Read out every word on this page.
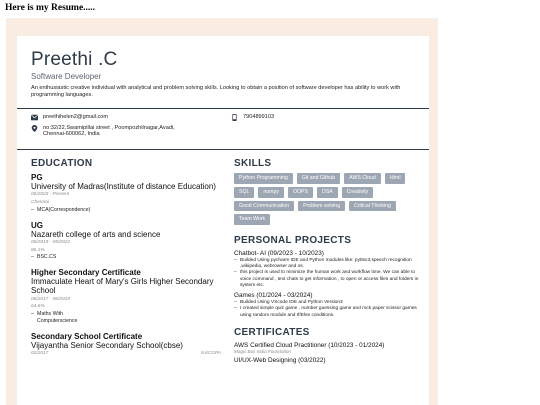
Here is my Resume.....
Preethi .C
Software Developer
An enthusiastic creative individual with analytical and problem solving skills. Looking to obtain a position of software developer has ability to work with programming languages.
preethihelen2@gmail.com	7904899103
no:32/22,Swamipillai street , Poompozhilnagar,Avadi,
Chennai-600062, India
EDUCATION
PG
University of Madras(Institute of distance Education)
06/2023 - Present
Chennai
– MCA(Correspondence)
UG
Nazareth college of arts and science
06/2019 - 05/2022
86.1%
– BSC.CS
Higher Secondary Certificate
Immaculate Heart of Mary's Girls Higher Secondary School
06/2017 - 06/2019
64.6%
– Maths With
Computerscience
Secondary School Certificate
Vijayantha Senior Secondary School(cbse)
02/2017	8.6CGPA
SKILLS
Python Programming	Git and Github	AWS Cloud	Html
SQL	numpy	OOPS	DSA	Creativity
Good Communication	Problem solving	Critical Thinking
Team Work
PERSONAL PROJECTS
Chatbot- AI (09/2023 - 10/2023)
– Builded Using pycharm IDE and Python modules like: pyttsx3,speech recognition ,wikipedia, webrowser and os.
– this project is used to minimize the human work and workflow time. We can able to voice command , text chats to get information , to open or access files and folders in system etc.
Games (01/2024 - 03/2024)
– Builded Using VScode IDE and Python Version3
– I created simple quiz game , number guessing game and rock paper scissor games using random module and If/Else conditions.
CERTIFICATES
AWS Certified Cloud Practitioner (10/2023 - 01/2024)
Magic Bus India Foundation
UI/UX-Web Designing (03/2022)
